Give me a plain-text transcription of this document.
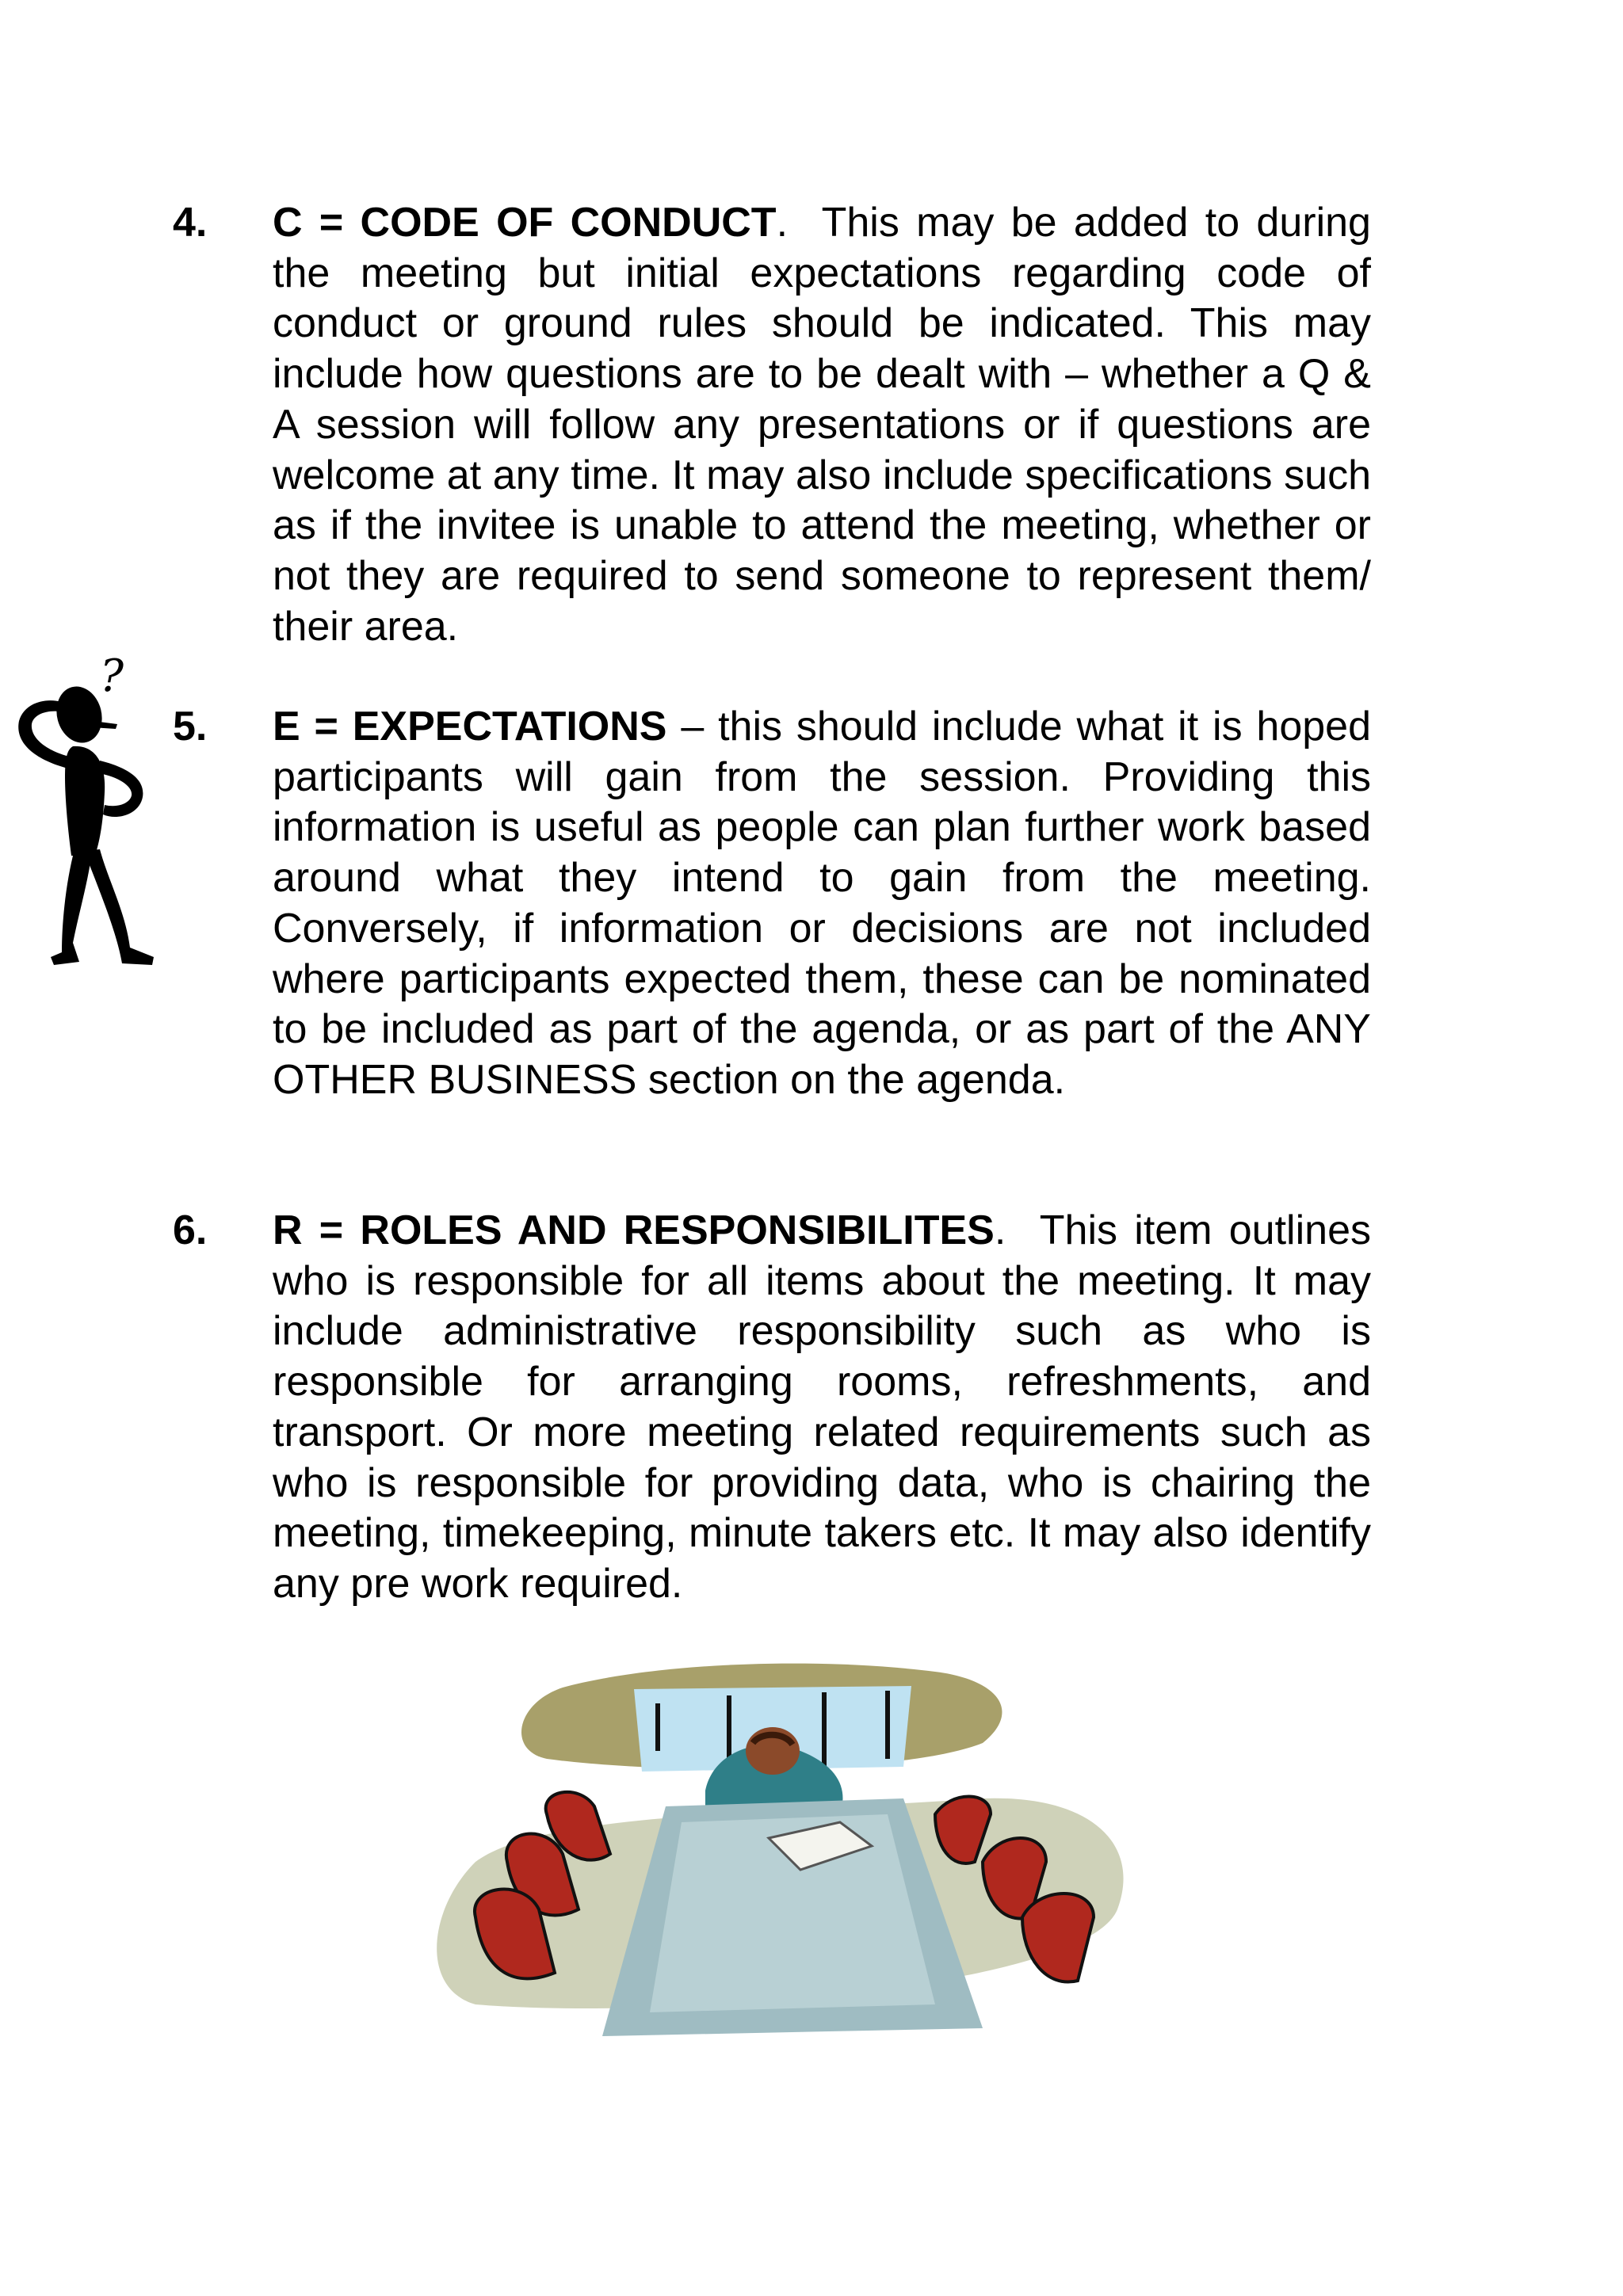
4. C = CODE OF CONDUCT. This may be added to during the meeting but initial expectations regarding code of conduct or ground rules should be indicated. This may include how questions are to be dealt with – whether a Q & A session will follow any presentations or if questions are welcome at any time. It may also include specifications such as if the invitee is unable to attend the meeting, whether or not they are required to send someone to represent them/ their area.
5. E = EXPECTATIONS – this should include what it is hoped participants will gain from the session. Providing this information is useful as people can plan further work based around what they intend to gain from the meeting. Conversely, if information or decisions are not included where participants expected them, these can be nominated to be included as part of the agenda, or as part of the ANY OTHER BUSINESS section on the agenda.
6. R = ROLES AND RESPONSIBILITES. This item outlines who is responsible for all items about the meeting. It may include administrative responsibility such as who is responsible for arranging rooms, refreshments, and transport. Or more meeting related requirements such as who is responsible for providing data, who is chairing the meeting, timekeeping, minute takers etc. It may also identify any pre work required.
?
